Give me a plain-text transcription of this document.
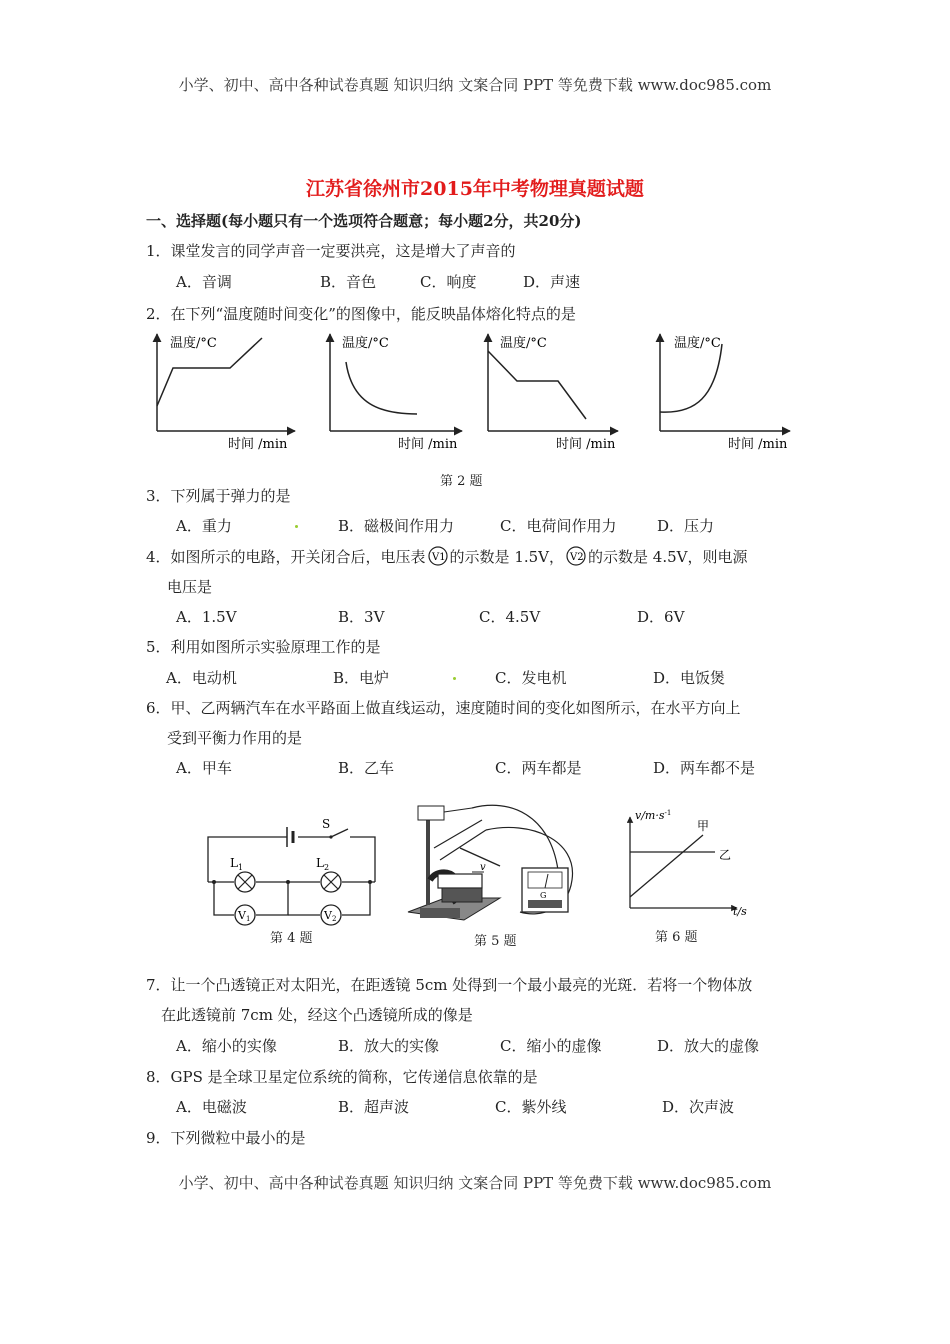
小学、初中、高中各种试卷真题 知识归纳 文案合同 PPT 等免费下载 www.doc985.com
江苏省徐州市2015年中考物理真题试题
一、选择题(每小题只有一个选项符合题意；每小题2分，共20分)
1．课堂发言的同学声音一定要洪亮，这是增大了声音的
A．音调	B．音色	C．响度	D．声速
2．在下列“温度随时间变化”的图像中，能反映晶体熔化特点的是
温度/°C
时间 /min
温度/°C
时间 /min
温度/°C
时间 /min
温度/°C
时间 /min
第 2 题
3．下列属于弹力的是
A．重力	B．磁极间作用力	C．电荷间作用力	D．压力
4．如图所示的电路，开关闭合后，电压表 V1 的示数是 1.5V， V2 的示数是 4.5V，则电源
电压是
A．1.5V	B．3V	C．4.5V	D．6V
5．利用如图所示实验原理工作的是
A．电动机	B．电炉	C．发电机	D．电饭煲
6．甲、乙两辆汽车在水平路面上做直线运动，速度随时间的变化如图所示，在水平方向上
受到平衡力作用的是
A．甲车	B．乙车	C．两车都是	D．两车都不是
S
$L_1$	$L_2$
V1	V2
第 4 题
v
G
第 5 题
$v/m\cdot s^{-1}$
t/s
甲
乙
第 6 题
7．让一个凸透镜正对太阳光，在距透镜 5cm 处得到一个最小最亮的光斑．若将一个物体放
在此透镜前 7cm 处，经这个凸透镜所成的像是
A．缩小的实像	B．放大的实像	C．缩小的虚像	D．放大的虚像
8．GPS 是全球卫星定位系统的简称，它传递信息依靠的是
A．电磁波	B．超声波	C．紫外线	D．次声波
9．下列微粒中最小的是
小学、初中、高中各种试卷真题 知识归纳 文案合同 PPT 等免费下载 www.doc985.com
